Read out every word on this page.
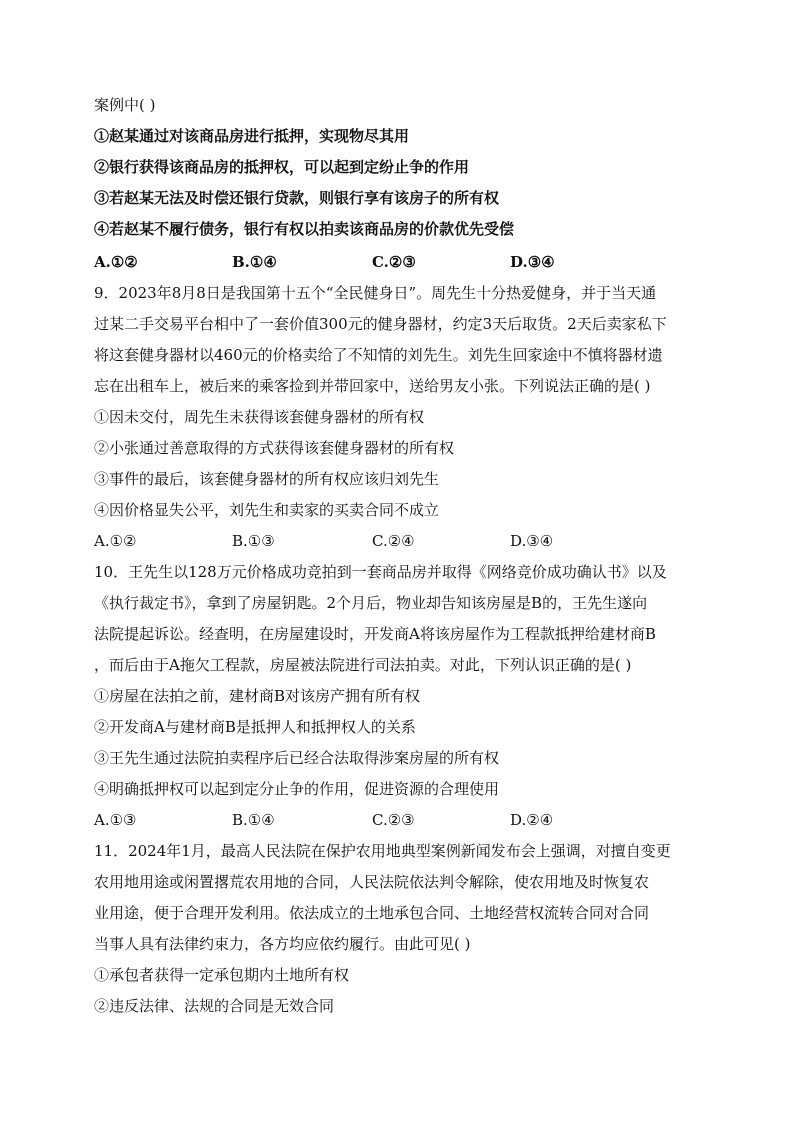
案例中( )
①赵某通过对该商品房进行抵押，实现物尽其用
②银行获得该商品房的抵押权，可以起到定纷止争的作用
③若赵某无法及时偿还银行贷款，则银行享有该房子的所有权
④若赵某不履行债务，银行有权以拍卖该商品房的价款优先受偿
A.①②	B.①④	C.②③	D.③④
9．2023年8月8日是我国第十五个“全民健身日”。周先生十分热爱健身，并于当天通
过某二手交易平台相中了一套价值300元的健身器材，约定3天后取货。2天后卖家私下
将这套健身器材以460元的价格卖给了不知情的刘先生。刘先生回家途中不慎将器材遗
忘在出租车上，被后来的乘客捡到并带回家中，送给男友小张。下列说法正确的是( )
①因未交付，周先生未获得该套健身器材的所有权
②小张通过善意取得的方式获得该套健身器材的所有权
③事件的最后，该套健身器材的所有权应该归刘先生
④因价格显失公平，刘先生和卖家的买卖合同不成立
A.①②	B.①③	C.②④	D.③④
10．王先生以128万元价格成功竞拍到一套商品房并取得《网络竞价成功确认书》以及
《执行裁定书》，拿到了房屋钥匙。2个月后，物业却告知该房屋是B的，王先生遂向
法院提起诉讼。经查明，在房屋建设时，开发商A将该房屋作为工程款抵押给建材商B
，而后由于A拖欠工程款，房屋被法院进行司法拍卖。对此，下列认识正确的是( )
①房屋在法拍之前，建材商B对该房产拥有所有权
②开发商A与建材商B是抵押人和抵押权人的关系
③王先生通过法院拍卖程序后已经合法取得涉案房屋的所有权
④明确抵押权可以起到定分止争的作用，促进资源的合理使用
A.①③	B.①④	C.②③	D.②④
11．2024年1月，最高人民法院在保护农用地典型案例新闻发布会上强调，对擅自变更
农用地用途或闲置撂荒农用地的合同，人民法院依法判令解除，使农用地及时恢复农
业用途，便于合理开发利用。依法成立的土地承包合同、土地经营权流转合同对合同
当事人具有法律约束力，各方均应依约履行。由此可见( )
①承包者获得一定承包期内土地所有权
②违反法律、法规的合同是无效合同
